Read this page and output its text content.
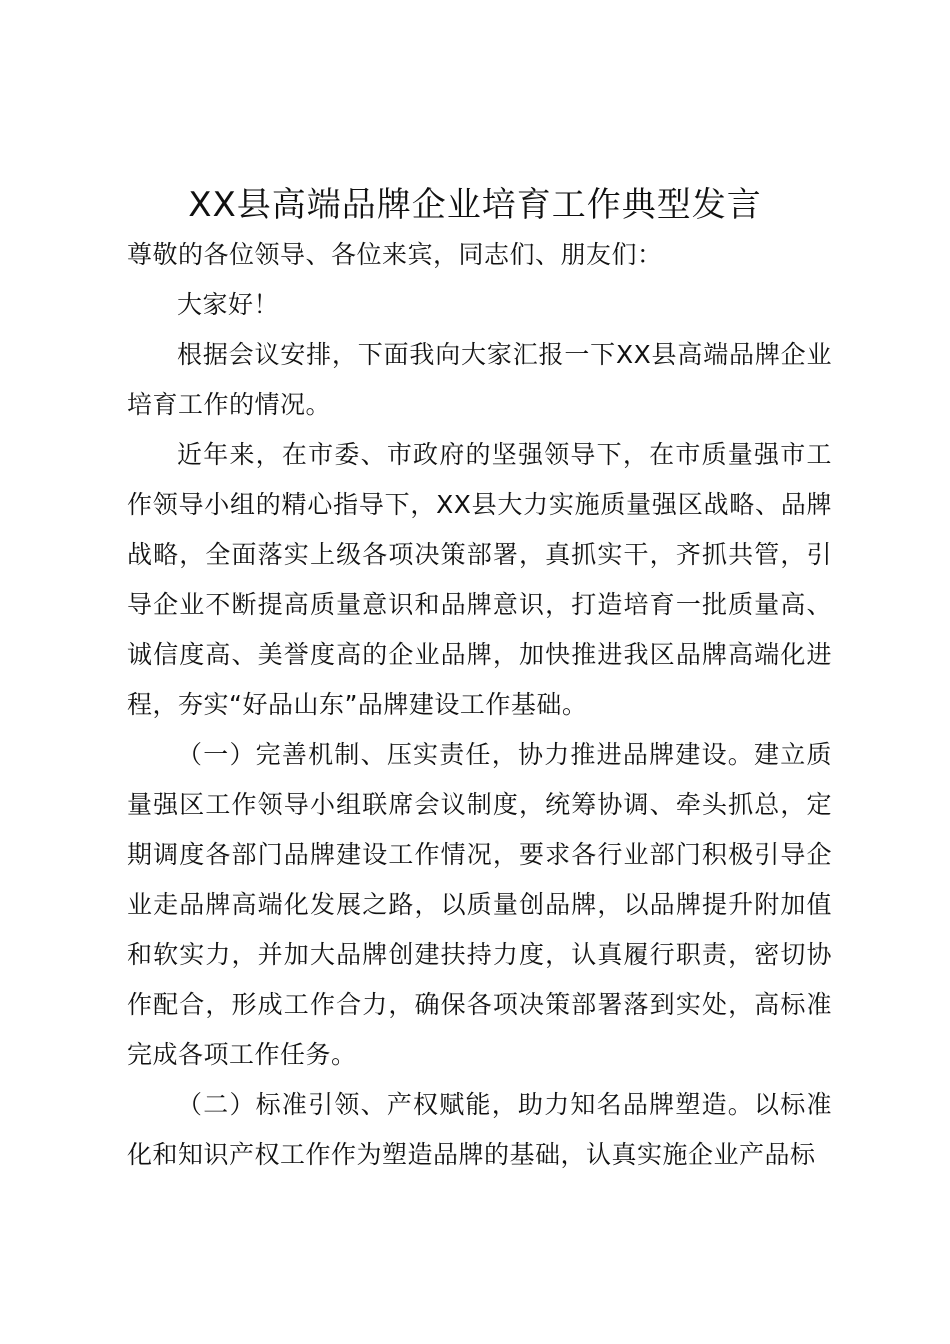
XX县高端品牌企业培育工作典型发言

尊敬的各位领导、各位来宾，同志们、朋友们：

大家好！

根据会议安排，下面我向大家汇报一下XX县高端品牌企业培育工作的情况。

近年来，在市委、市政府的坚强领导下，在市质量强市工作领导小组的精心指导下，XX县大力实施质量强区战略、品牌战略，全面落实上级各项决策部署，真抓实干，齐抓共管，引导企业不断提高质量意识和品牌意识，打造培育一批质量高、诚信度高、美誉度高的企业品牌，加快推进我区品牌高端化进程，夯实“好品山东”品牌建设工作基础。

（一）完善机制、压实责任，协力推进品牌建设。建立质量强区工作领导小组联席会议制度，统筹协调、牵头抓总，定期调度各部门品牌建设工作情况，要求各行业部门积极引导企业走品牌高端化发展之路，以质量创品牌，以品牌提升附加值和软实力，并加大品牌创建扶持力度，认真履行职责，密切协作配合，形成工作合力，确保各项决策部署落到实处，高标准完成各项工作任务。

（二）标准引领、产权赋能，助力知名品牌塑造。以标准化和知识产权工作作为塑造品牌的基础，认真实施企业产品标
